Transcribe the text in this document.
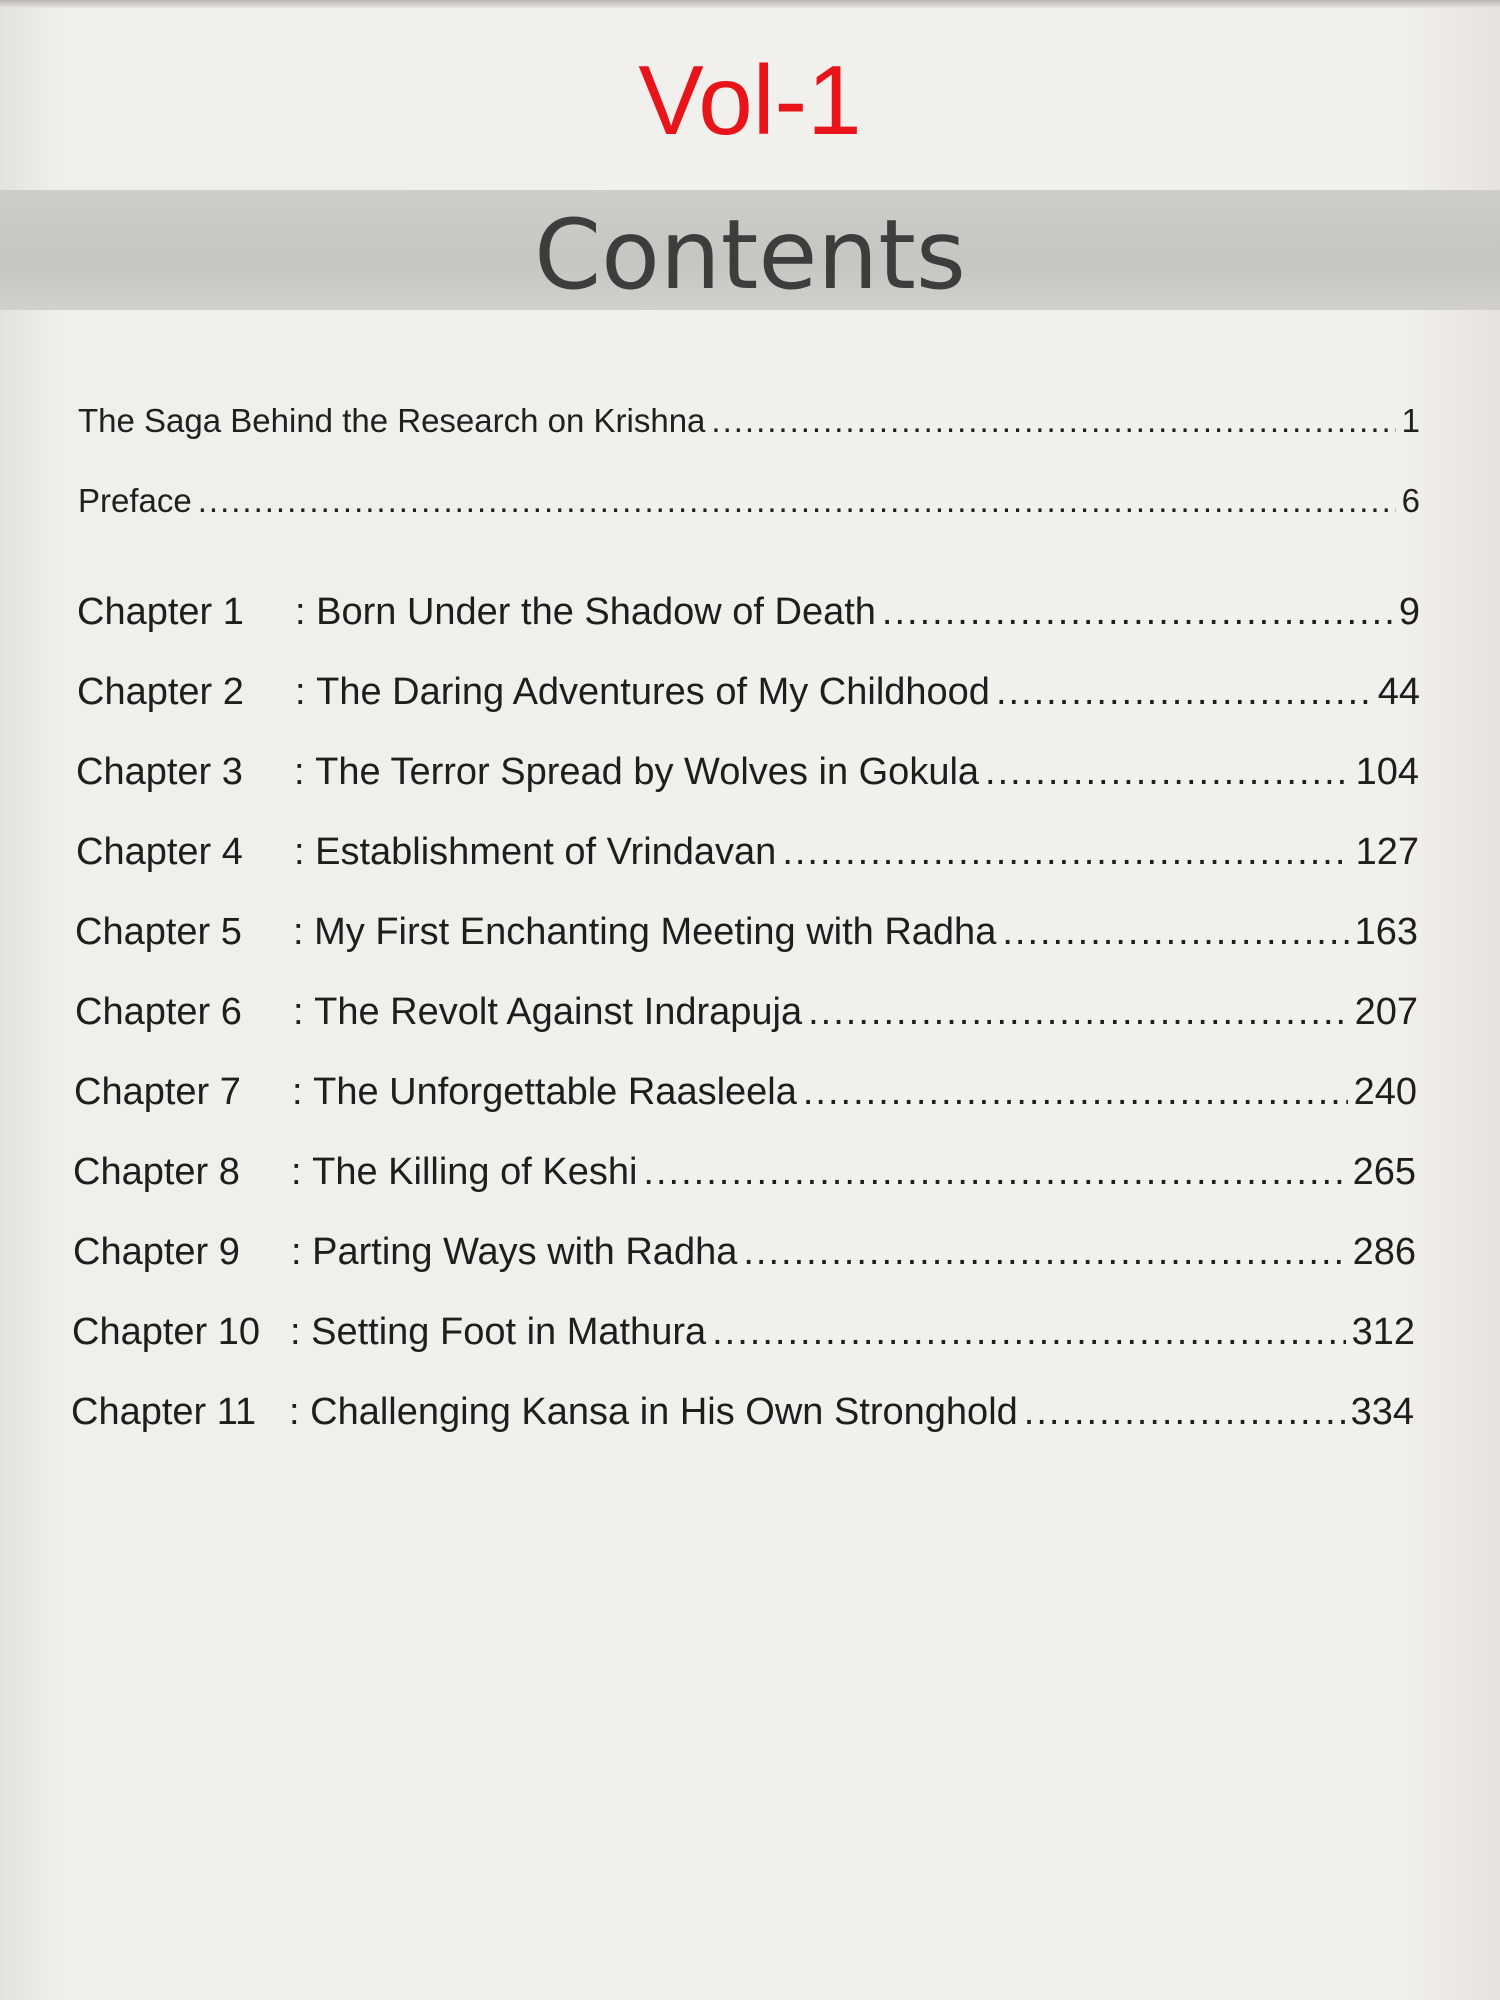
Vol-1
Contents
The Saga Behind the Research on Krishna .....	1
Preface .....	6
Chapter 1	: Born Under the Shadow of Death .....	9
Chapter 2	: The Daring Adventures of My Childhood .....	44
Chapter 3	: The Terror Spread by Wolves in Gokula .....	104
Chapter 4	: Establishment of Vrindavan .....	127
Chapter 5	: My First Enchanting Meeting with Radha .....	163
Chapter 6	: The Revolt Against Indrapuja .....	207
Chapter 7	: The Unforgettable Raasleela .....	240
Chapter 8	: The Killing of Keshi .....	265
Chapter 9	: Parting Ways with Radha .....	286
Chapter 10 : Setting Foot in Mathura .....	312
Chapter 11 : Challenging Kansa in His Own Stronghold .....	334
